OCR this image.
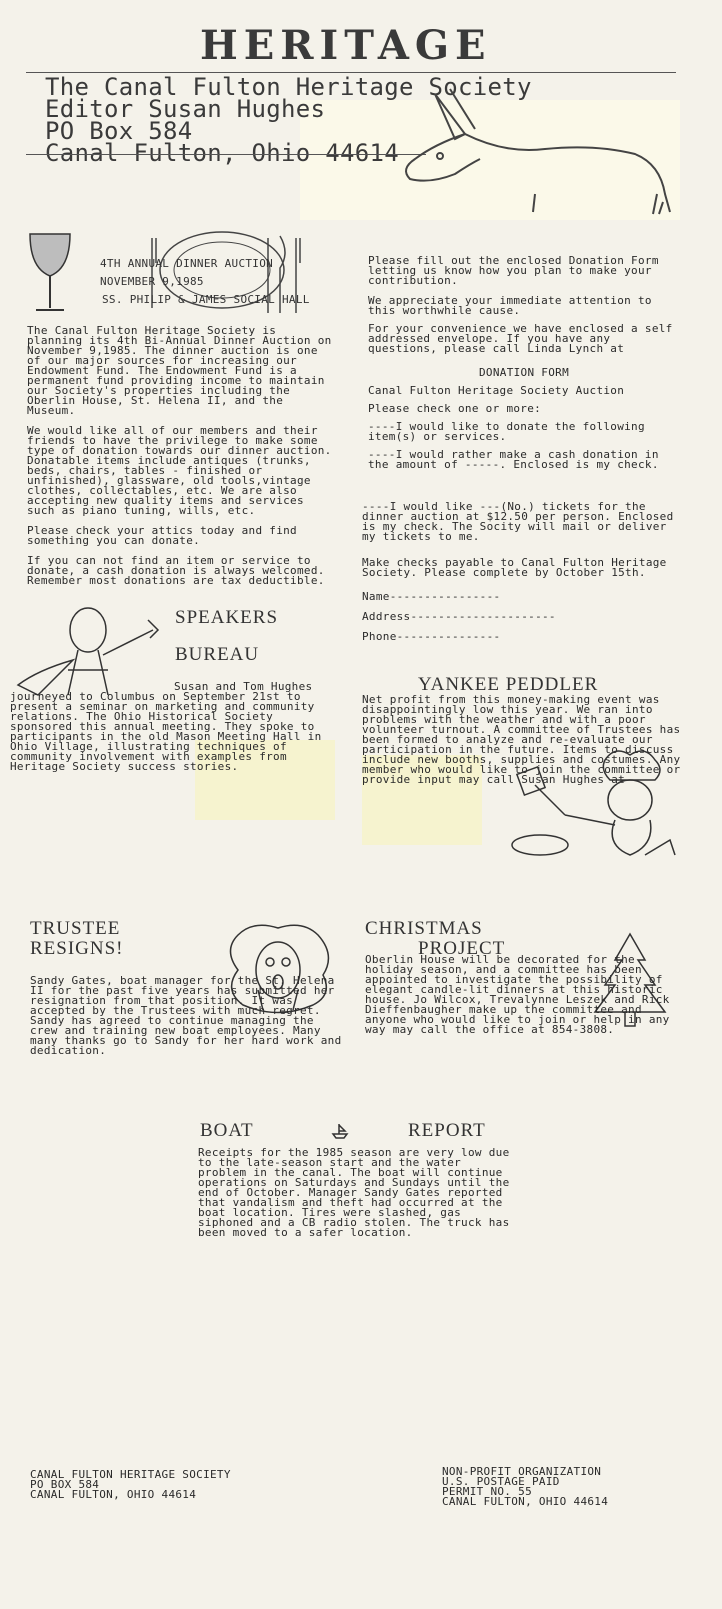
HERITAGE
The Canal Fulton Heritage Society
Editor Susan Hughes
PO Box 584
Canal Fulton, Ohio 44614
4TH ANNUAL DINNER AUCTION
NOVEMBER 9,1985
SS. PHILIP & JAMES SOCIAL HALL
The Canal Fulton Heritage Society is planning its 4th Bi-Annual Dinner Auction on November 9,1985. The dinner auction is one of our major sources for increasing our Endowment Fund. The Endowment Fund is a permanent fund providing income to maintain our Society's properties including the Oberlin House, St. Helena II, and the Museum.
We would like all of our members and their friends to have the privilege to make some type of donation towards our dinner auction. Donatable items include antiques (trunks, beds, chairs, tables - finished or unfinished), glassware, old tools,vintage clothes, collectables, etc. We are also accepting new quality items and services such as piano tuning, wills, etc.
Please check your attics today and find something you can donate.
If you can not find an item or service to donate, a cash donation is always welcomed. Remember most donations are tax deductible.
Please fill out the enclosed Donation Form letting us know how you plan to make your contribution.
We appreciate your immediate attention to this worthwhile cause.
For your convenience we have enclosed a self addressed envelope. If you have any questions, please call Linda Lynch at
DONATION FORM
Canal Fulton Heritage Society Auction
Please check one or more:
----I would like to donate the following item(s) or services.
----I would rather make a cash donation in the amount of -----. Enclosed is my check.
----I would like ---(No.) tickets for the dinner auction at $12.50 per person. Enclosed is my check. The Socity will mail or deliver my tickets to me.
Make checks payable to Canal Fulton Heritage Society. Please complete by October 15th.
Name----------------
Address---------------------
Phone---------------
SPEAKERS
BUREAU
Susan and Tom Hughes journeyed to Columbus on September 21st to present a seminar on marketing and community relations. The Ohio Historical Society sponsored this annual meeting. They spoke to participants in the old Mason Meeting Hall in Ohio Village, illustrating techniques of community involvement with examples from Heritage Society success stories.
YANKEE PEDDLER
Net profit from this money-making event was disappointingly low this year. We ran into problems with the weather and with a poor volunteer turnout. A committee of Trustees has been formed to analyze and re-evaluate our participation in the future. Items to discuss include new booths, supplies and costumes. Any member who would like to join the committee or provide input may call Susan Hughes at
TRUSTEE
RESIGNS!
Sandy Gates, boat manager for the St. Helena II for the past five years has submitted her resignation from that position. It was accepted by the Trustees with much regret. Sandy has agreed to continue managing the crew and training new boat employees. Many many thanks go to Sandy for her hard work and dedication.
CHRISTMAS
PROJECT
Oberlin House will be decorated for the holiday season, and a committee has been appointed to investigate the possibility of elegant candle-lit dinners at this historic house. Jo Wilcox, Trevalynne Leszek and Rick Dieffenbaugher make up the committee and anyone who would like to join or help in any way may call the office at 854-3808.
BOAT	REPORT
Receipts for the 1985 season are very low due to the late-season start and the water problem in the canal. The boat will continue operations on Saturdays and Sundays until the end of October. Manager Sandy Gates reported that vandalism and theft had occurred at the boat location. Tires were slashed, gas siphoned and a CB radio stolen. The truck has been moved to a safer location.
CANAL FULTON HERITAGE SOCIETY
PO BOX 584
CANAL FULTON, OHIO 44614
NON-PROFIT ORGANIZATION
U.S. POSTAGE PAID
PERMIT NO. 55
CANAL FULTON, OHIO 44614
